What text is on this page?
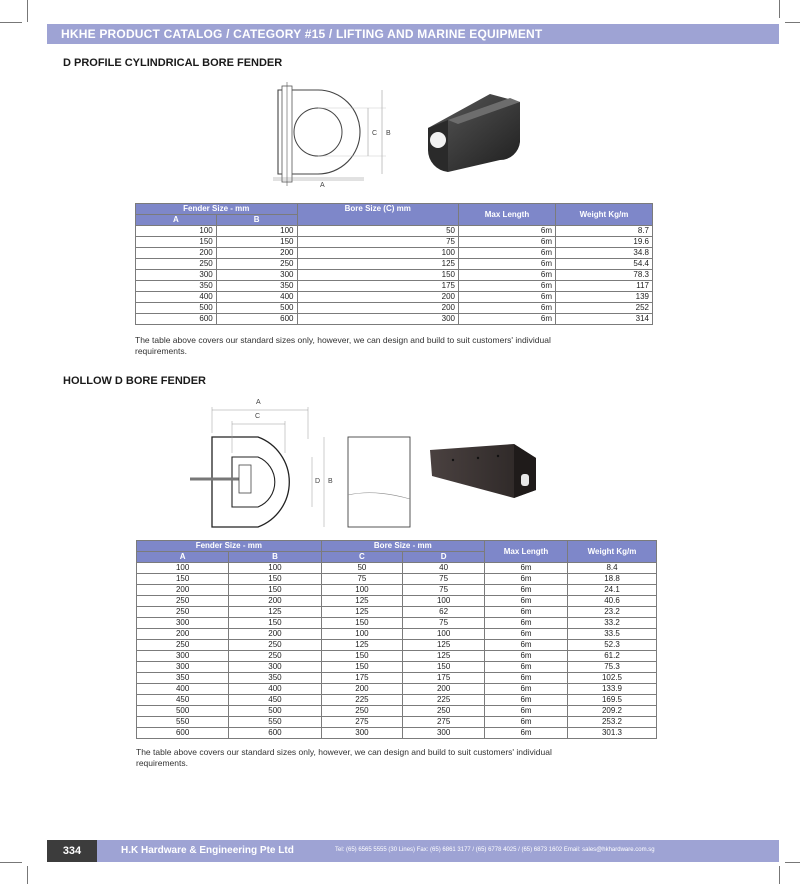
HKHE PRODUCT CATALOG / CATEGORY #15 / LIFTING AND MARINE EQUIPMENT
D PROFILE CYLINDRICAL BORE FENDER
A
B
C
Fender Size - mm		Bore Size (C) mm	Max Length	Weight Kg/m
A	B			
100	100	50	6m	8.7
150	150	75	6m	19.6
200	200	100	6m	34.8
250	250	125	6m	54.4
300	300	150	6m	78.3
350	350	175	6m	117
400	400	200	6m	139
500	500	200	6m	252
600	600	300	6m	314
The table above covers our standard sizes only, however, we can design and build to suit customers' individual requirements.
HOLLOW D BORE FENDER
A
C
D B
Fender Size - mm		Bore Size - mm		Max Length	Weight Kg/m
A	B	C	D		
100	100	50	40	6m	8.4
150	150	75	75	6m	18.8
200	150	100	75	6m	24.1
250	200	125	100	6m	40.6
250	125	125	62	6m	23.2
300	150	150	75	6m	33.2
200	200	100	100	6m	33.5
250	250	125	125	6m	52.3
300	250	150	125	6m	61.2
300	300	150	150	6m	75.3
350	350	175	175	6m	102.5
400	400	200	200	6m	133.9
450	450	225	225	6m	169.5
500	500	250	250	6m	209.2
550	550	275	275	6m	253.2
600	600	300	300	6m	301.3
The table above covers our standard sizes only, however, we can design and build to suit customers' individual requirements.
334	H.K Hardware & Engineering Pte Ltd	Tel: (65) 6565 5555 (30 Lines) Fax: (65) 6861 3177 / (65) 6778 4025 / (65) 6873 1602 Email: sales@hkhardware.com.sg
